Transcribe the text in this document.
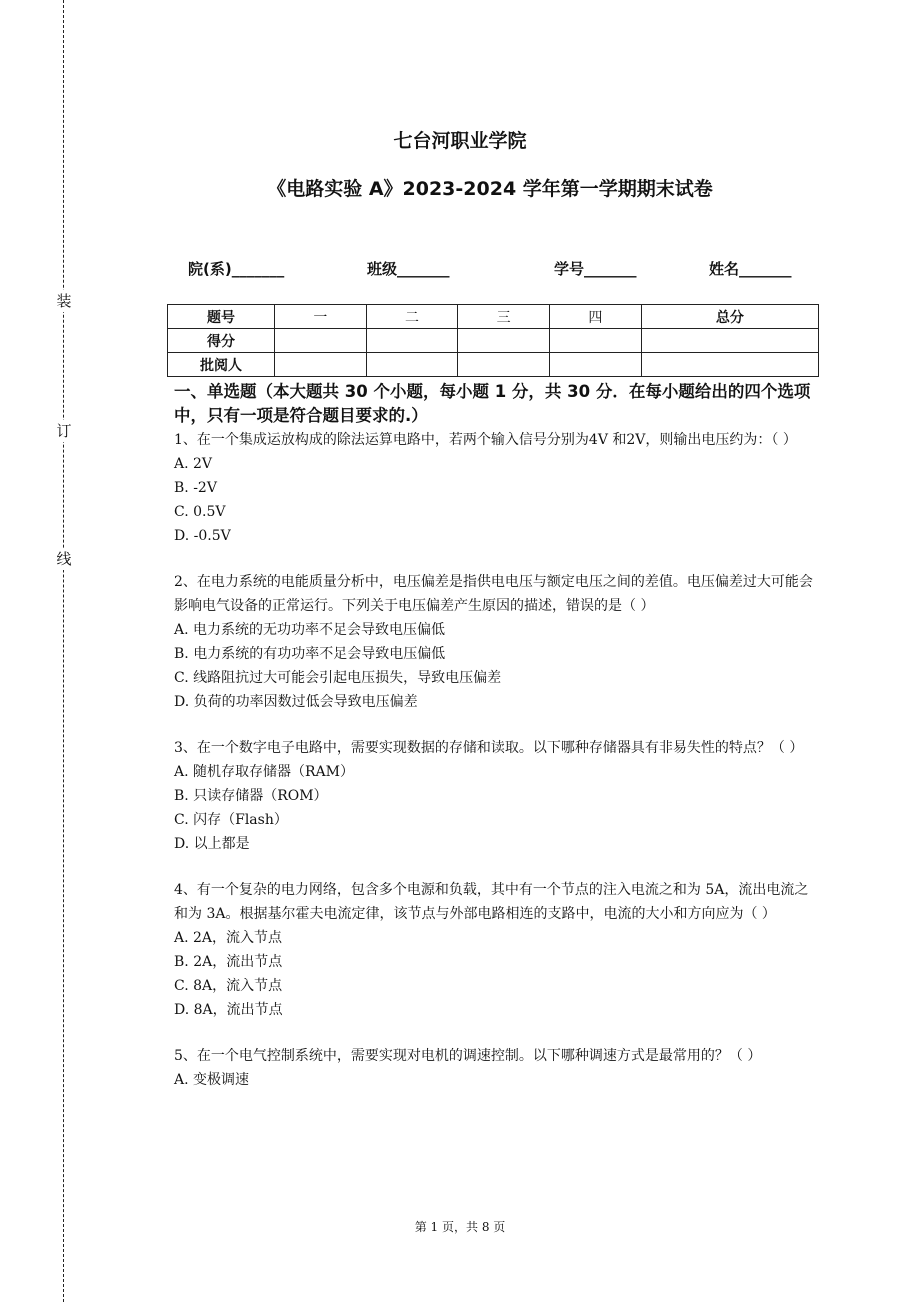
装
订
线
七台河职业学院
《电路实验 A》2023-2024 学年第一学期期末试卷
院(系)_______	班级_______	学号_______	姓名_______
题号	一	二	三	四	总分
得分					
批阅人					

一、单选题（本大题共 30 个小题，每小题 1 分，共 30 分．在每小题给出的四个选项中，只有一项是符合题目要求的.）

1、在一个集成运放构成的除法运算电路中，若两个输入信号分别为4V 和2V，则输出电压约为：（ ）

A. 2V

B. -2V

C. 0.5V

D. -0.5V

2、在电力系统的电能质量分析中，电压偏差是指供电电压与额定电压之间的差值。电压偏差过大可能会影响电气设备的正常运行。下列关于电压偏差产生原因的描述，错误的是（ ）

A. 电力系统的无功功率不足会导致电压偏低

B. 电力系统的有功功率不足会导致电压偏低

C. 线路阻抗过大可能会引起电压损失，导致电压偏差

D. 负荷的功率因数过低会导致电压偏差

3、在一个数字电子电路中，需要实现数据的存储和读取。以下哪种存储器具有非易失性的特点？（ ）

A. 随机存取存储器（RAM）

B. 只读存储器（ROM）

C. 闪存（Flash）

D. 以上都是

4、有一个复杂的电力网络，包含多个电源和负载，其中有一个节点的注入电流之和为 5A，流出电流之和为 3A。根据基尔霍夫电流定律，该节点与外部电路相连的支路中，电流的大小和方向应为（ ）

A. 2A，流入节点

B. 2A，流出节点

C. 8A，流入节点

D. 8A，流出节点

5、在一个电气控制系统中，需要实现对电机的调速控制。以下哪种调速方式是最常用的？（ ）

A. 变极调速

第 1 页，共 8 页
